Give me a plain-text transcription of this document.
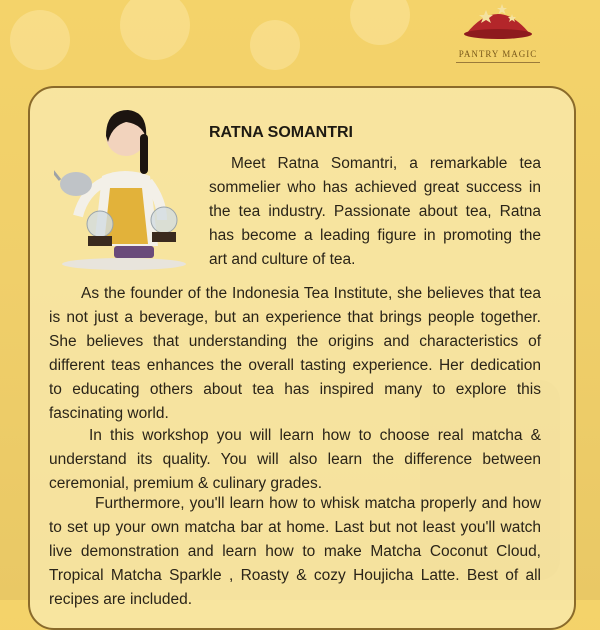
PANTRY MAGIC
RATNA SOMANTRI

Meet Ratna Somantri, a remarkable tea sommelier who has achieved great success in the tea industry. Passionate about tea, Ratna has become a leading figure in promoting the art and culture of tea.

As the founder of the Indonesia Tea Institute, she believes that tea is not just a beverage, but an experience that brings people together. She believes that understanding the origins and characteristics of different teas enhances the overall tasting experience. Her dedication to educating others about tea has inspired many to explore this fascinating world.

In this workshop you will learn how to choose real matcha & understand its quality. You will also learn the difference between ceremonial, premium & culinary grades.

Furthermore, you'll learn how to whisk matcha properly and how to set up your own matcha bar at home. Last but not least you'll watch live demonstration and learn how to make Matcha Coconut Cloud, Tropical Matcha Sparkle , Roasty & cozy Houjicha Latte. Best of all recipes are included.
